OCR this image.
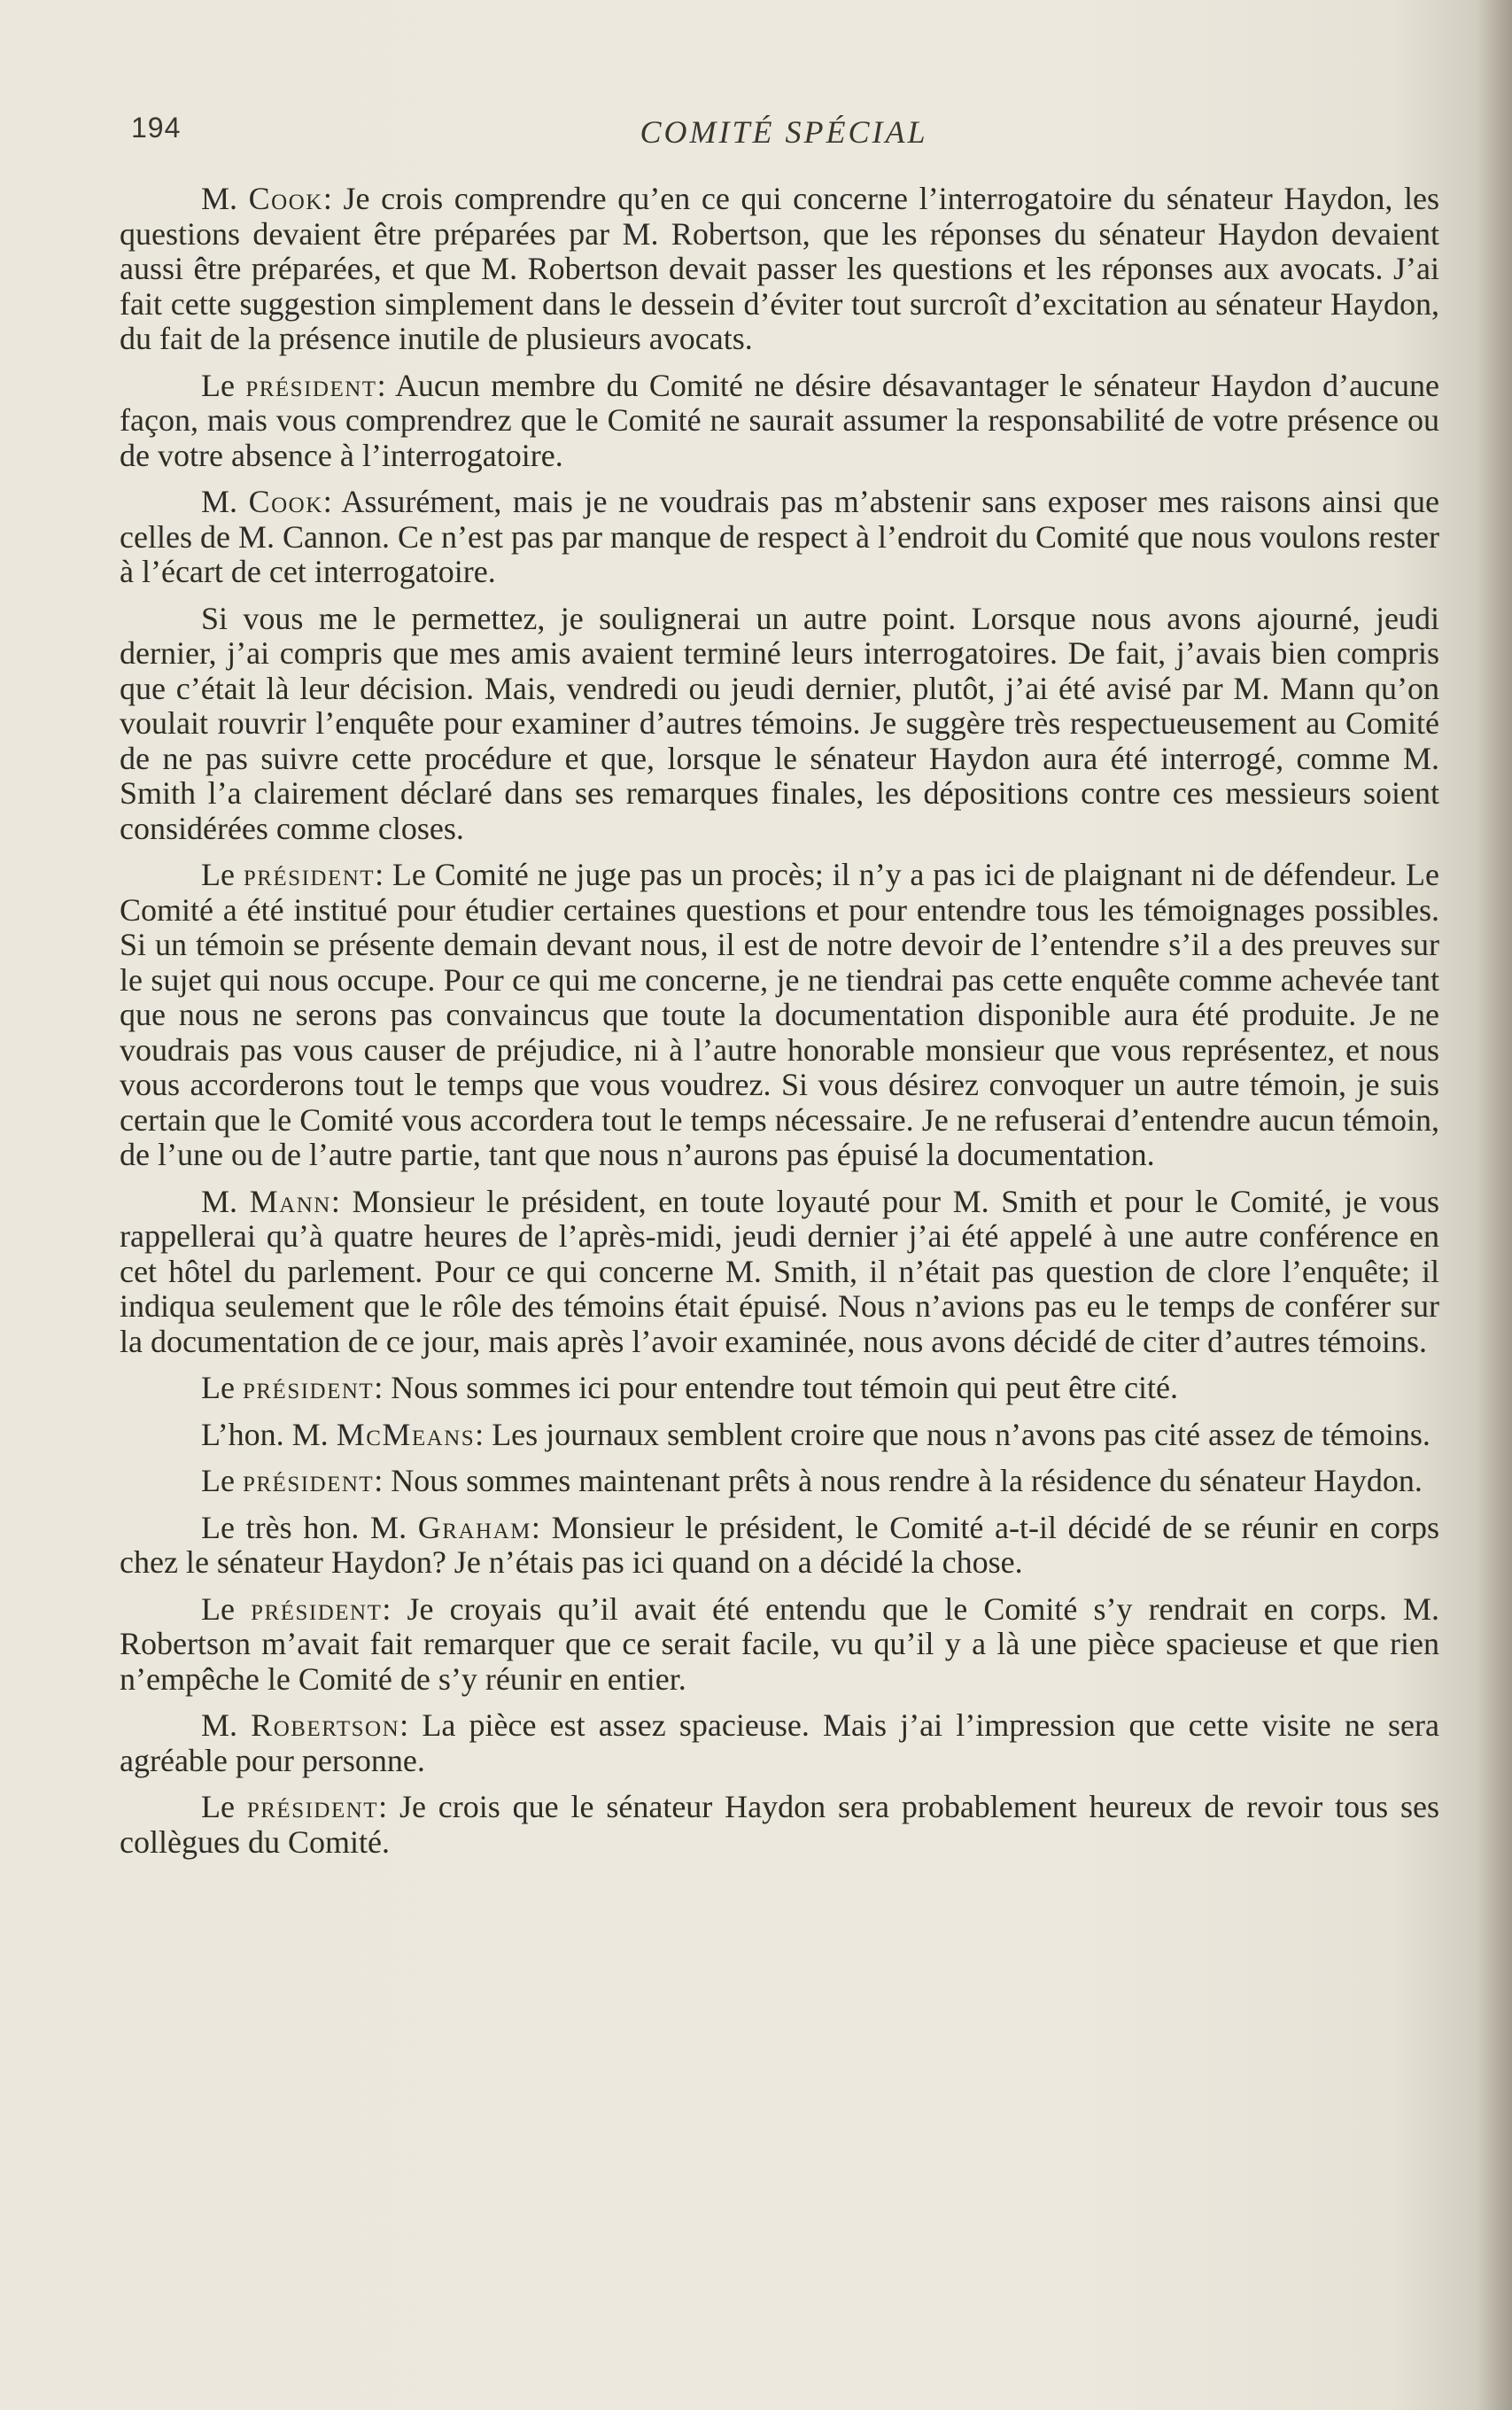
194	COMITÉ SPÉCIAL

M. Cook: Je crois comprendre qu’en ce qui concerne l’interrogatoire du sénateur Haydon, les questions devaient être préparées par M. Robertson, que les réponses du sénateur Haydon devaient aussi être préparées, et que M. Robertson devait passer les questions et les réponses aux avocats. J’ai fait cette suggestion simplement dans le dessein d’éviter tout surcroît d’excitation au sénateur Haydon, du fait de la présence inutile de plusieurs avocats.

Le président: Aucun membre du Comité ne désire désavantager le sénateur Haydon d’aucune façon, mais vous comprendrez que le Comité ne saurait assumer la responsabilité de votre présence ou de votre absence à l’interrogatoire.

M. Cook: Assurément, mais je ne voudrais pas m’abstenir sans exposer mes raisons ainsi que celles de M. Cannon. Ce n’est pas par manque de respect à l’endroit du Comité que nous voulons rester à l’écart de cet interrogatoire.

Si vous me le permettez, je soulignerai un autre point. Lorsque nous avons ajourné, jeudi dernier, j’ai compris que mes amis avaient terminé leurs interrogatoires. De fait, j’avais bien compris que c’était là leur décision. Mais, vendredi ou jeudi dernier, plutôt, j’ai été avisé par M. Mann qu’on voulait rouvrir l’enquête pour examiner d’autres témoins. Je suggère très respectueusement au Comité de ne pas suivre cette procédure et que, lorsque le sénateur Haydon aura été interrogé, comme M. Smith l’a clairement déclaré dans ses remarques finales, les dépositions contre ces messieurs soient considérées comme closes.

Le président: Le Comité ne juge pas un procès; il n’y a pas ici de plaignant ni de défendeur. Le Comité a été institué pour étudier certaines questions et pour entendre tous les témoignages possibles. Si un témoin se présente demain devant nous, il est de notre devoir de l’entendre s’il a des preuves sur le sujet qui nous occupe. Pour ce qui me concerne, je ne tiendrai pas cette enquête comme achevée tant que nous ne serons pas convaincus que toute la documentation disponible aura été produite. Je ne voudrais pas vous causer de préjudice, ni à l’autre honorable monsieur que vous représentez, et nous vous accorderons tout le temps que vous voudrez. Si vous désirez convoquer un autre témoin, je suis certain que le Comité vous accordera tout le temps nécessaire. Je ne refuserai d’entendre aucun témoin, de l’une ou de l’autre partie, tant que nous n’aurons pas épuisé la documentation.

M. Mann: Monsieur le président, en toute loyauté pour M. Smith et pour le Comité, je vous rappellerai qu’à quatre heures de l’après-midi, jeudi dernier j’ai été appelé à une autre conférence en cet hôtel du parlement. Pour ce qui concerne M. Smith, il n’était pas question de clore l’enquête; il indiqua seulement que le rôle des témoins était épuisé. Nous n’avions pas eu le temps de conférer sur la documentation de ce jour, mais après l’avoir examinée, nous avons décidé de citer d’autres témoins.

Le président: Nous sommes ici pour entendre tout témoin qui peut être cité.

L’hon. M. McMeans: Les journaux semblent croire que nous n’avons pas cité assez de témoins.

Le président: Nous sommes maintenant prêts à nous rendre à la résidence du sénateur Haydon.

Le très hon. M. Graham: Monsieur le président, le Comité a-t-il décidé de se réunir en corps chez le sénateur Haydon? Je n’étais pas ici quand on a décidé la chose.

Le président: Je croyais qu’il avait été entendu que le Comité s’y rendrait en corps. M. Robertson m’avait fait remarquer que ce serait facile, vu qu’il y a là une pièce spacieuse et que rien n’empêche le Comité de s’y réunir en entier.

M. Robertson: La pièce est assez spacieuse. Mais j’ai l’impression que cette visite ne sera agréable pour personne.

Le président: Je crois que le sénateur Haydon sera probablement heureux de revoir tous ses collègues du Comité.
